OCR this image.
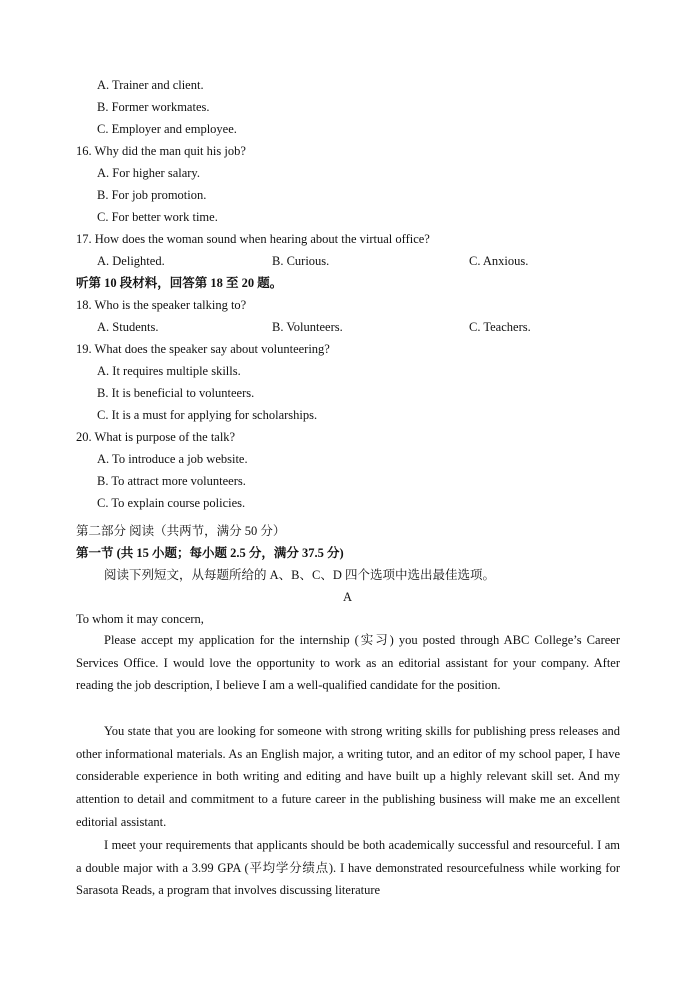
A. Trainer and client.
B. Former workmates.
C. Employer and employee.
16. Why did the man quit his job?
A. For higher salary.
B. For job promotion.
C. For better work time.
17. How does the woman sound when hearing about the virtual office?
A. Delighted.	B. Curious.	C. Anxious.
听第 10 段材料，回答第 18 至 20 题。
18. Who is the speaker talking to?
A. Students.	B. Volunteers.	C. Teachers.
19. What does the speaker say about volunteering?
A. It requires multiple skills.
B. It is beneficial to volunteers.
C. It is a must for applying for scholarships.
20. What is purpose of the talk?
A. To introduce a job website.
B. To attract more volunteers.
C. To explain course policies.
第二部分 阅读（共两节，满分 50 分）
第一节 (共 15 小题；每小题 2.5 分，满分 37.5 分)
阅读下列短文，从每题所给的 A、B、C、D 四个选项中选出最佳选项。
A
To whom it may concern,
Please accept my application for the internship (实习) you posted through ABC College’s Career Services Office. I would love the opportunity to work as an editorial assistant for your company. After reading the job description, I believe I am a well-qualified candidate for the position.
You state that you are looking for someone with strong writing skills for publishing press releases and other informational materials. As an English major, a writing tutor, and an editor of my school paper, I have considerable experience in both writing and editing and have built up a highly relevant skill set. And my attention to detail and commitment to a future career in the publishing business will make me an excellent editorial assistant.
I meet your requirements that applicants should be both academically successful and resourceful. I am a double major with a 3.99 GPA (平均学分绩点). I have demonstrated resourcefulness while working for Sarasota Reads, a program that involves discussing literature
